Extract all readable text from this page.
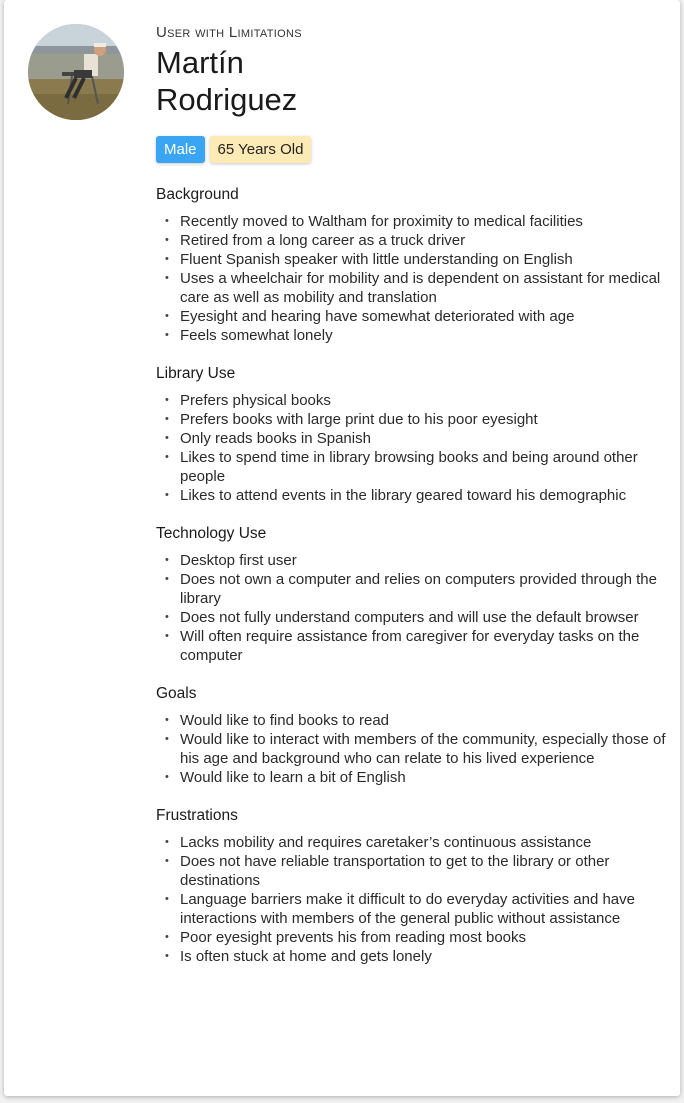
User with Limitations
Martín
Rodriguez
Male 65 Years Old
Background
• Recently moved to Waltham for proximity to medical facilities
• Retired from a long career as a truck driver
• Fluent Spanish speaker with little understanding on English
• Uses a wheelchair for mobility and is dependent on assistant for medical care as well as mobility and translation
• Eyesight and hearing have somewhat deteriorated with age
• Feels somewhat lonely
Library Use
• Prefers physical books
• Prefers books with large print due to his poor eyesight
• Only reads books in Spanish
• Likes to spend time in library browsing books and being around other people
• Likes to attend events in the library geared toward his demographic
Technology Use
• Desktop first user
• Does not own a computer and relies on computers provided through the library
• Does not fully understand computers and will use the default browser
• Will often require assistance from caregiver for everyday tasks on the computer
Goals
• Would like to find books to read
• Would like to interact with members of the community, especially those of his age and background who can relate to his lived experience
• Would like to learn a bit of English
Frustrations
• Lacks mobility and requires caretaker’s continuous assistance
• Does not have reliable transportation to get to the library or other destinations
• Language barriers make it difficult to do everyday activities and have interactions with members of the general public without assistance
• Poor eyesight prevents his from reading most books
• Is often stuck at home and gets lonely
